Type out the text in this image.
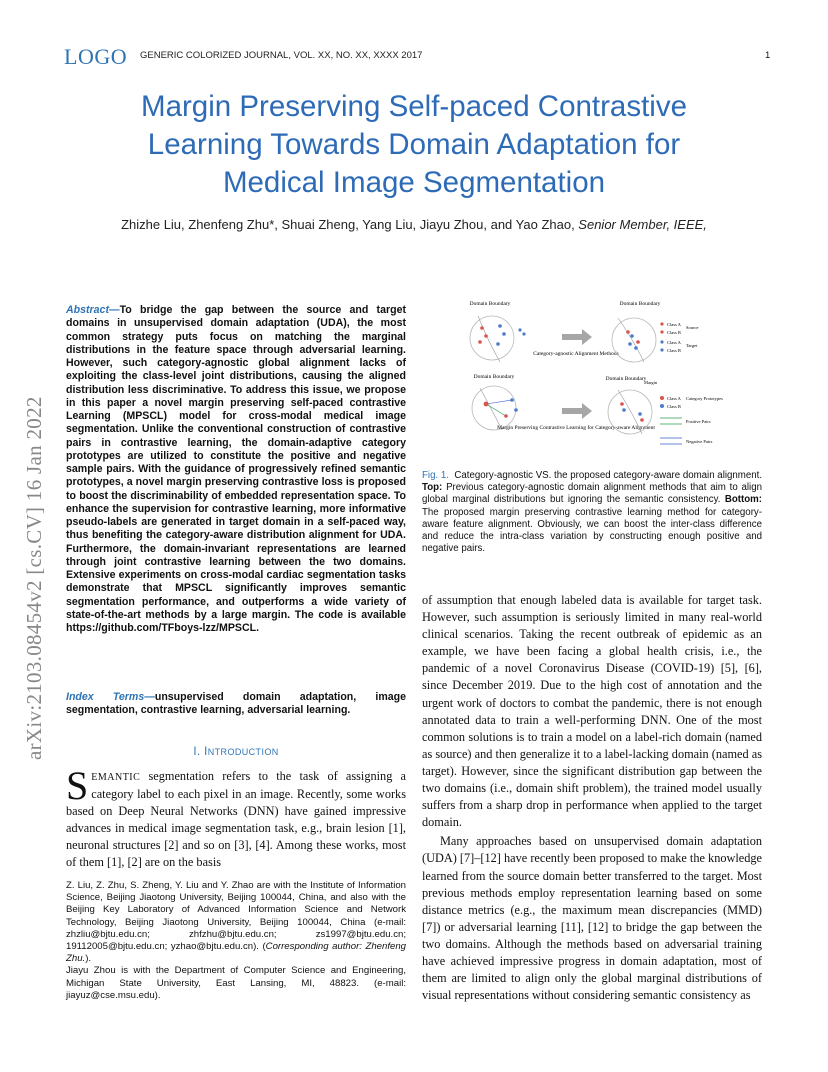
LOGO GENERIC COLORIZED JOURNAL, VOL. XX, NO. XX, XXXX 2017	1
Margin Preserving Self-paced Contrastive
Learning Towards Domain Adaptation for
Medical Image Segmentation
Zhizhe Liu, Zhenfeng Zhu*, Shuai Zheng, Yang Liu, Jiayu Zhou, and Yao Zhao, Senior Member, IEEE,
arXiv:2103.08454v2 [cs.CV] 16 Jan 2022
Abstract—To bridge the gap between the source and target domains in unsupervised domain adaptation (UDA), the most common strategy puts focus on matching the marginal distributions in the feature space through adversarial learning. However, such category-agnostic global alignment lacks of exploiting the class-level joint distributions, causing the aligned distribution less discriminative. To address this issue, we propose in this paper a novel margin preserving self-paced contrastive Learning (MPSCL) model for cross-modal medical image segmentation. Unlike the conventional construction of contrastive pairs in contrastive learning, the domain-adaptive category prototypes are utilized to constitute the positive and negative sample pairs. With the guidance of progressively refined semantic prototypes, a novel margin preserving contrastive loss is proposed to boost the discriminability of embedded representation space. To enhance the supervision for contrastive learning, more informative pseudo-labels are generated in target domain in a self-paced way, thus benefiting the category-aware distribution alignment for UDA. Furthermore, the domain-invariant representations are learned through joint contrastive learning between the two domains. Extensive experiments on cross-modal cardiac segmentation tasks demonstrate that MPSCL significantly improves semantic segmentation performance, and outperforms a wide variety of state-of-the-art methods by a large margin. The code is available https://github.com/TFboys-lzz/MPSCL.
Index Terms—unsupervised domain adaptation, image segmentation, contrastive learning, adversarial learning.
I. INTRODUCTION
SEMANTIC segmentation refers to the task of assigning a category label to each pixel in an image. Recently, some works based on Deep Neural Networks (DNN) have gained impressive advances in medical image segmentation task, e.g., brain lesion [1], neuronal structures [2] and so on [3], [4]. Among these works, most of them [1], [2] are on the basis

Z. Liu, Z. Zhu, S. Zheng, Y. Liu and Y. Zhao are with the Institute of Information Science, Beijing Jiaotong University, Beijing 100044, China, and also with the Beijing Key Laboratory of Advanced Information Science and Network Technology, Beijing Jiaotong University, Beijing 100044, China (e-mail: zhzliu@bjtu.edu.cn; zhfzhu@bjtu.edu.cn; zs1997@bjtu.edu.cn; 19112005@bjtu.edu.cn; yzhao@bjtu.edu.cn). (Corresponding author: Zhenfeng Zhu.).

Jiayu Zhou is with the Department of Computer Science and Engineering, Michigan State University, East Lansing, MI, 48823. (e-mail: jiayuz@cse.msu.edu).

Domain Boundary
Category-agnostic Alignment Methods
Domain Boundary
Class A
Class B
Source
Class A
Class B
Target
Domain Boundary
Margin Preserving Contrastive Learning for Category-aware Alignment
Domain Boundary
Margin
Class A
Class B
Category Prototypes
Positive Pairs
Negative Pairs
Fig. 1. Category-agnostic VS. the proposed category-aware domain alignment. Top: Previous category-agnostic domain alignment methods that aim to align global marginal distributions but ignoring the semantic consistency. Bottom: The proposed margin preserving contrastive learning method for category-aware feature alignment. Obviously, we can boost the inter-class difference and reduce the intra-class variation by constructing enough positive and negative pairs.

of assumption that enough labeled data is available for target task. However, such assumption is seriously limited in many real-world clinical scenarios. Taking the recent outbreak of epidemic as an example, we have been facing a global health crisis, i.e., the pandemic of a novel Coronavirus Disease (COVID-19) [5], [6], since December 2019. Due to the high cost of annotation and the urgent work of doctors to combat the pandemic, there is not enough annotated data to train a well-performing DNN. One of the most common solutions is to train a model on a label-rich domain (named as source) and then generalize it to a label-lacking domain (named as target). However, since the significant distribution gap between the two domains (i.e., domain shift problem), the trained model usually suffers from a sharp drop in performance when applied to the target domain.

Many approaches based on unsupervised domain adaptation (UDA) [7]–[12] have recently been proposed to make the knowledge learned from the source domain better transferred to the target. Most previous methods employ representation learning based on some distance metrics (e.g., the maximum mean discrepancies (MMD) [7]) or adversarial learning [11], [12] to bridge the gap between the two domains. Although the methods based on adversarial training have achieved impressive progress in domain adaptation, most of them are limited to align only the global marginal distributions of visual representations without considering semantic consistency as
